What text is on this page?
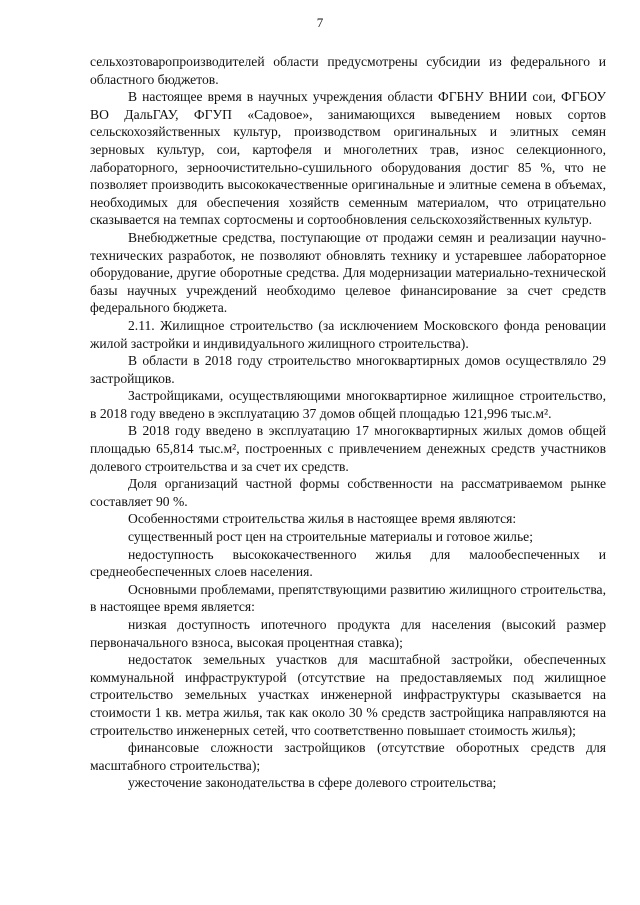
7

сельхозтоваропроизводителей области предусмотрены субсидии из федерального и областного бюджетов.

В настоящее время в научных учреждения области ФГБНУ ВНИИ сои, ФГБОУ ВО ДальГАУ, ФГУП «Садовое», занимающихся выведением новых сортов сельскохозяйственных культур, производством оригинальных и элитных семян зерновых культур, сои, картофеля и многолетних трав, износ селекционного, лабораторного, зерноочистительно-сушильного оборудования достиг 85 %, что не позволяет производить высококачественные оригинальные и элитные семена в объемах, необходимых для обеспечения хозяйств семенным материалом, что отрицательно сказывается на темпах сортосмены и сортообновления сельскохозяйственных культур.

Внебюджетные средства, поступающие от продажи семян и реализации научно-технических разработок, не позволяют обновлять технику и устаревшее лабораторное оборудование, другие оборотные средства. Для модернизации материально-технической базы научных учреждений необходимо целевое финансирование за счет средств федерального бюджета.

2.11. Жилищное строительство (за исключением Московского фонда реновации жилой застройки и индивидуального жилищного строительства).

В области в 2018 году строительство многоквартирных домов осуществляло 29 застройщиков.

Застройщиками, осуществляющими многоквартирное жилищное строительство, в 2018 году введено в эксплуатацию 37 домов общей площадью 121,996 тыс.м².

В 2018 году введено в эксплуатацию 17 многоквартирных жилых домов общей площадью 65,814 тыс.м², построенных с привлечением денежных средств участников долевого строительства и за счет их средств.

Доля организаций частной формы собственности на рассматриваемом рынке составляет 90 %.

Особенностями строительства жилья в настоящее время являются:

существенный рост цен на строительные материалы и готовое жилье;

недоступность высококачественного жилья для малообеспеченных и среднеобеспеченных слоев населения.

Основными проблемами, препятствующими развитию жилищного строительства, в настоящее время является:

низкая доступность ипотечного продукта для населения (высокий размер первоначального взноса, высокая процентная ставка);

недостаток земельных участков для масштабной застройки, обеспеченных коммунальной инфраструктурой (отсутствие на предоставляемых под жилищное строительство земельных участках инженерной инфраструктуры сказывается на стоимости 1 кв. метра жилья, так как около 30 % средств застройщика направляются на строительство инженерных сетей, что соответственно повышает стоимость жилья);

финансовые сложности застройщиков (отсутствие оборотных средств для масштабного строительства);

ужесточение законодательства в сфере долевого строительства;
